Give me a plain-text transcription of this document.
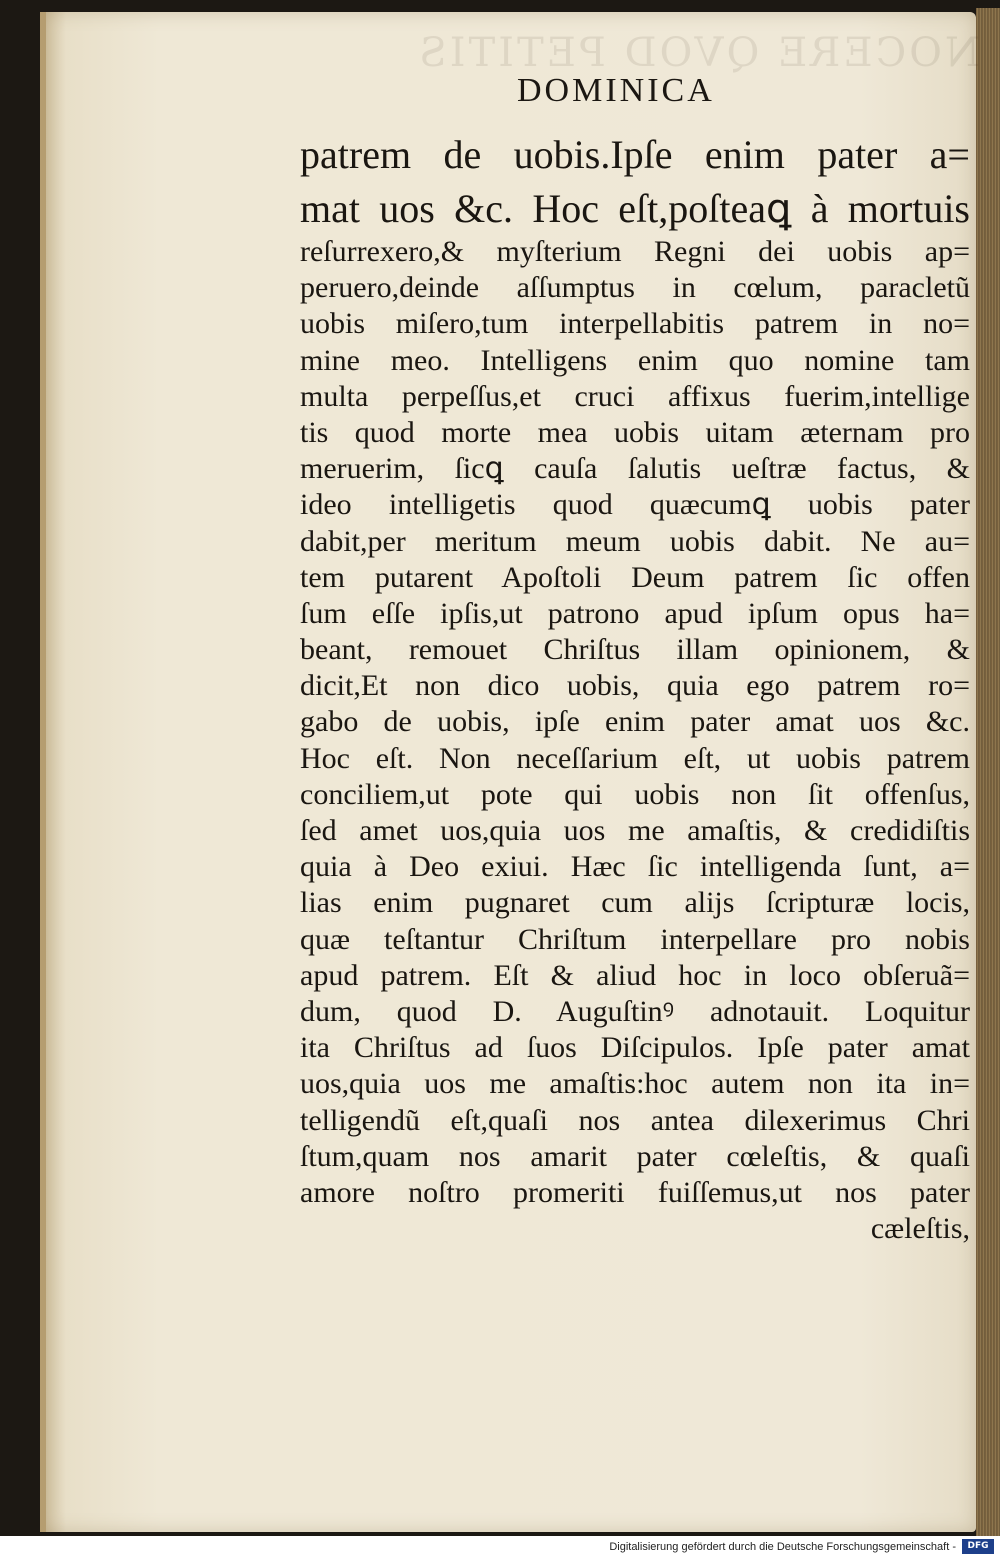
NOCERE QVOD PETITIS
DOMINICA
patrem de uobis.Ipſe enim pater a=
mat uos &c. Hoc eſt,poſteaꝗ à mortuis
reſurrexero,& myſterium Regni dei uobis ap=
peruero,deinde aſſumptus in cœlum, paracletũ
uobis miſero,tum interpellabitis patrem in no=
mine meo. Intelligens enim quo nomine tam
multa perpeſſus,et cruci affixus fuerim,intellige
tis quod morte mea uobis uitam æternam pro
meruerim, ſicꝗ cauſa ſalutis ueſtræ factus, &
ideo intelligetis quod quæcumꝗ uobis pater
dabit,per meritum meum uobis dabit. Ne au=
tem putarent Apoſtoli Deum patrem ſic offen
ſum eſſe ipſis,ut patrono apud ipſum opus ha=
beant, remouet Chriſtus illam opinionem, &
dicit,Et non dico uobis, quia ego patrem ro=
gabo de uobis, ipſe enim pater amat uos &c.
Hoc eſt. Non neceſſarium eſt, ut uobis patrem
conciliem,ut pote qui uobis non ſit offenſus,
ſed amet uos,quia uos me amaſtis, & credidiſtis
quia à Deo exiui. Hæc ſic intelligenda ſunt, a=
lias enim pugnaret cum alijs ſcripturæ locis,
quæ teſtantur Chriſtum interpellare pro nobis
apud patrem. Eſt & aliud hoc in loco obſeruã=
dum, quod D. Auguſtinꝰ adnotauit. Loquitur
ita Chriſtus ad ſuos Diſcipulos. Ipſe pater amat
uos,quia uos me amaſtis:hoc autem non ita in=
telligendũ eſt,quaſi nos antea dilexerimus Chri
ſtum,quam nos amarit pater cœleſtis, & quaſi
amore noſtro promeriti fuiſſemus,ut nos pater
cæleſtis,
Digitalisierung gefördert durch die Deutsche Forschungsgemeinschaft -	DFG
